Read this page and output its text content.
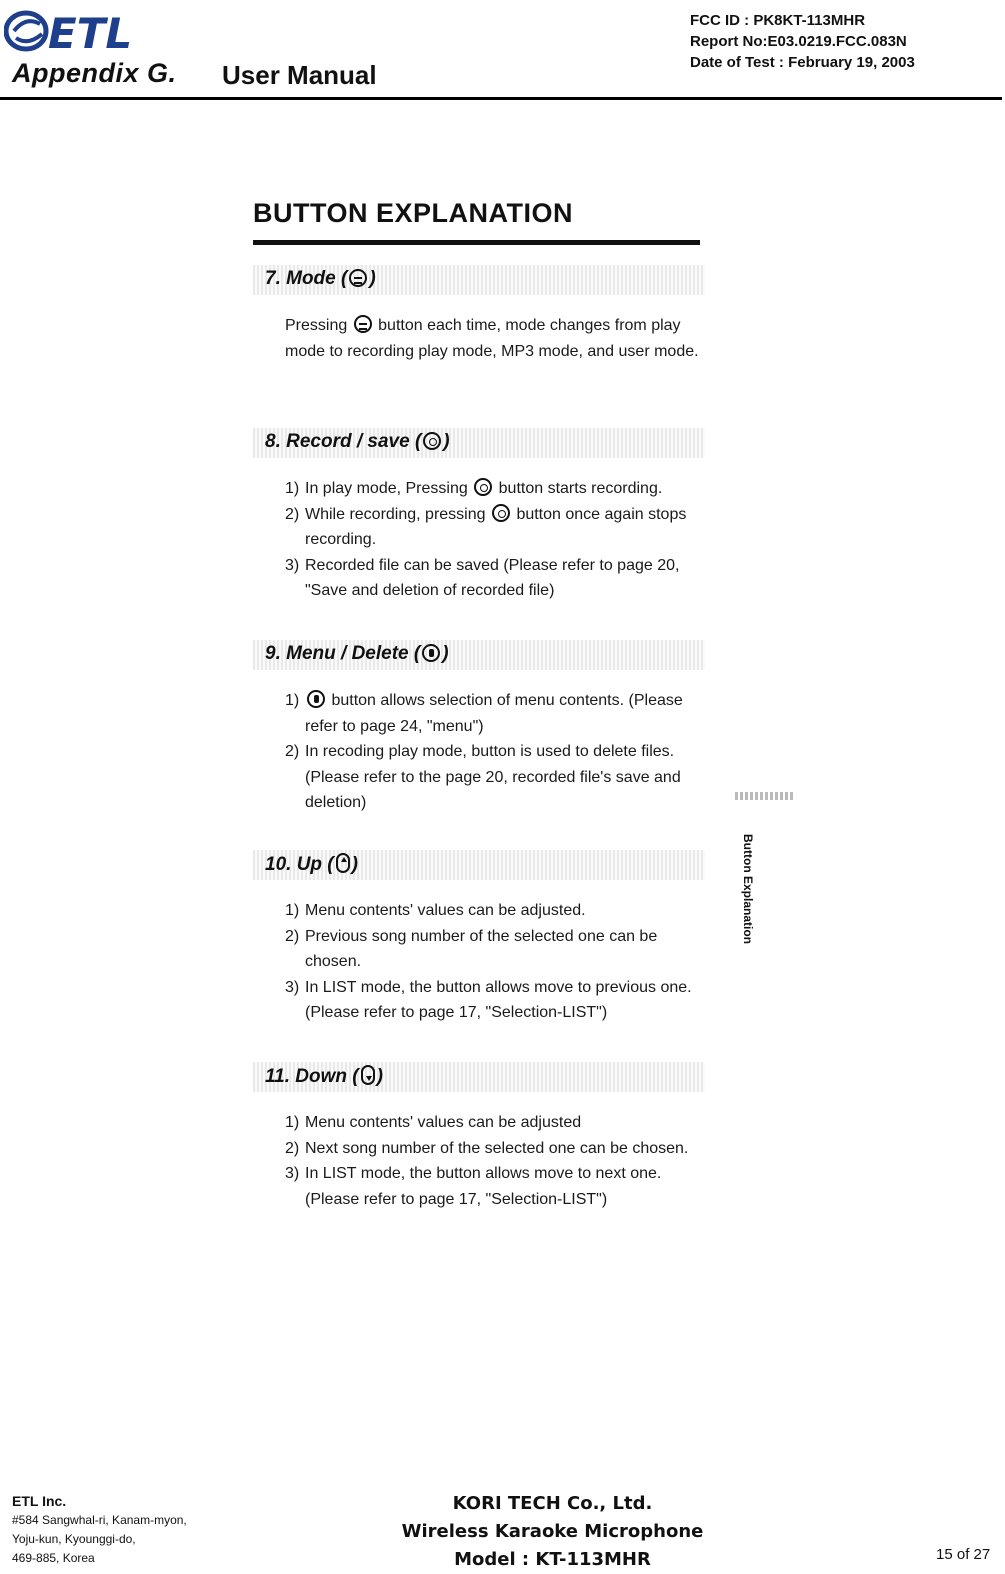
ETL
Appendix G. User Manual
FCC ID : PK8KT-113MHR
Report No:E03.0219.FCC.083N
Date of Test : February 19, 2003
BUTTON EXPLANATION
7. Mode ( )
Pressing button each time, mode changes from play mode to recording play mode, MP3 mode, and user mode.
8. Record / save ( )
1) In play mode, Pressing button starts recording.
2) While recording, pressing button once again stops recording.
3) Recorded file can be saved (Please refer to page 20, "Save and deletion of recorded file)
9. Menu / Delete ( )
1)	button allows selection of menu contents. (Please refer to page 24, "menu")
2) In recoding play mode, button is used to delete files. (Please refer to the page 20, recorded file's save and deletion)
10. Up ( )
1) Menu contents' values can be adjusted.
2) Previous song number of the selected one can be chosen.
3) In LIST mode, the button allows move to previous one. (Please refer to page 17, "Selection-LIST")
11. Down ( )
1) Menu contents' values can be adjusted
2) Next song number of the selected one can be chosen.
3) In LIST mode, the button allows move to next one. (Please refer to page 17, "Selection-LIST")
Button Explanation
ETL Inc.
#584 Sangwhal-ri, Kanam-myon,
Yoju-kun, Kyounggi-do,
469-885, Korea
KORI TECH Co., Ltd.
Wireless Karaoke Microphone
Model : KT-113MHR	15 of 27
